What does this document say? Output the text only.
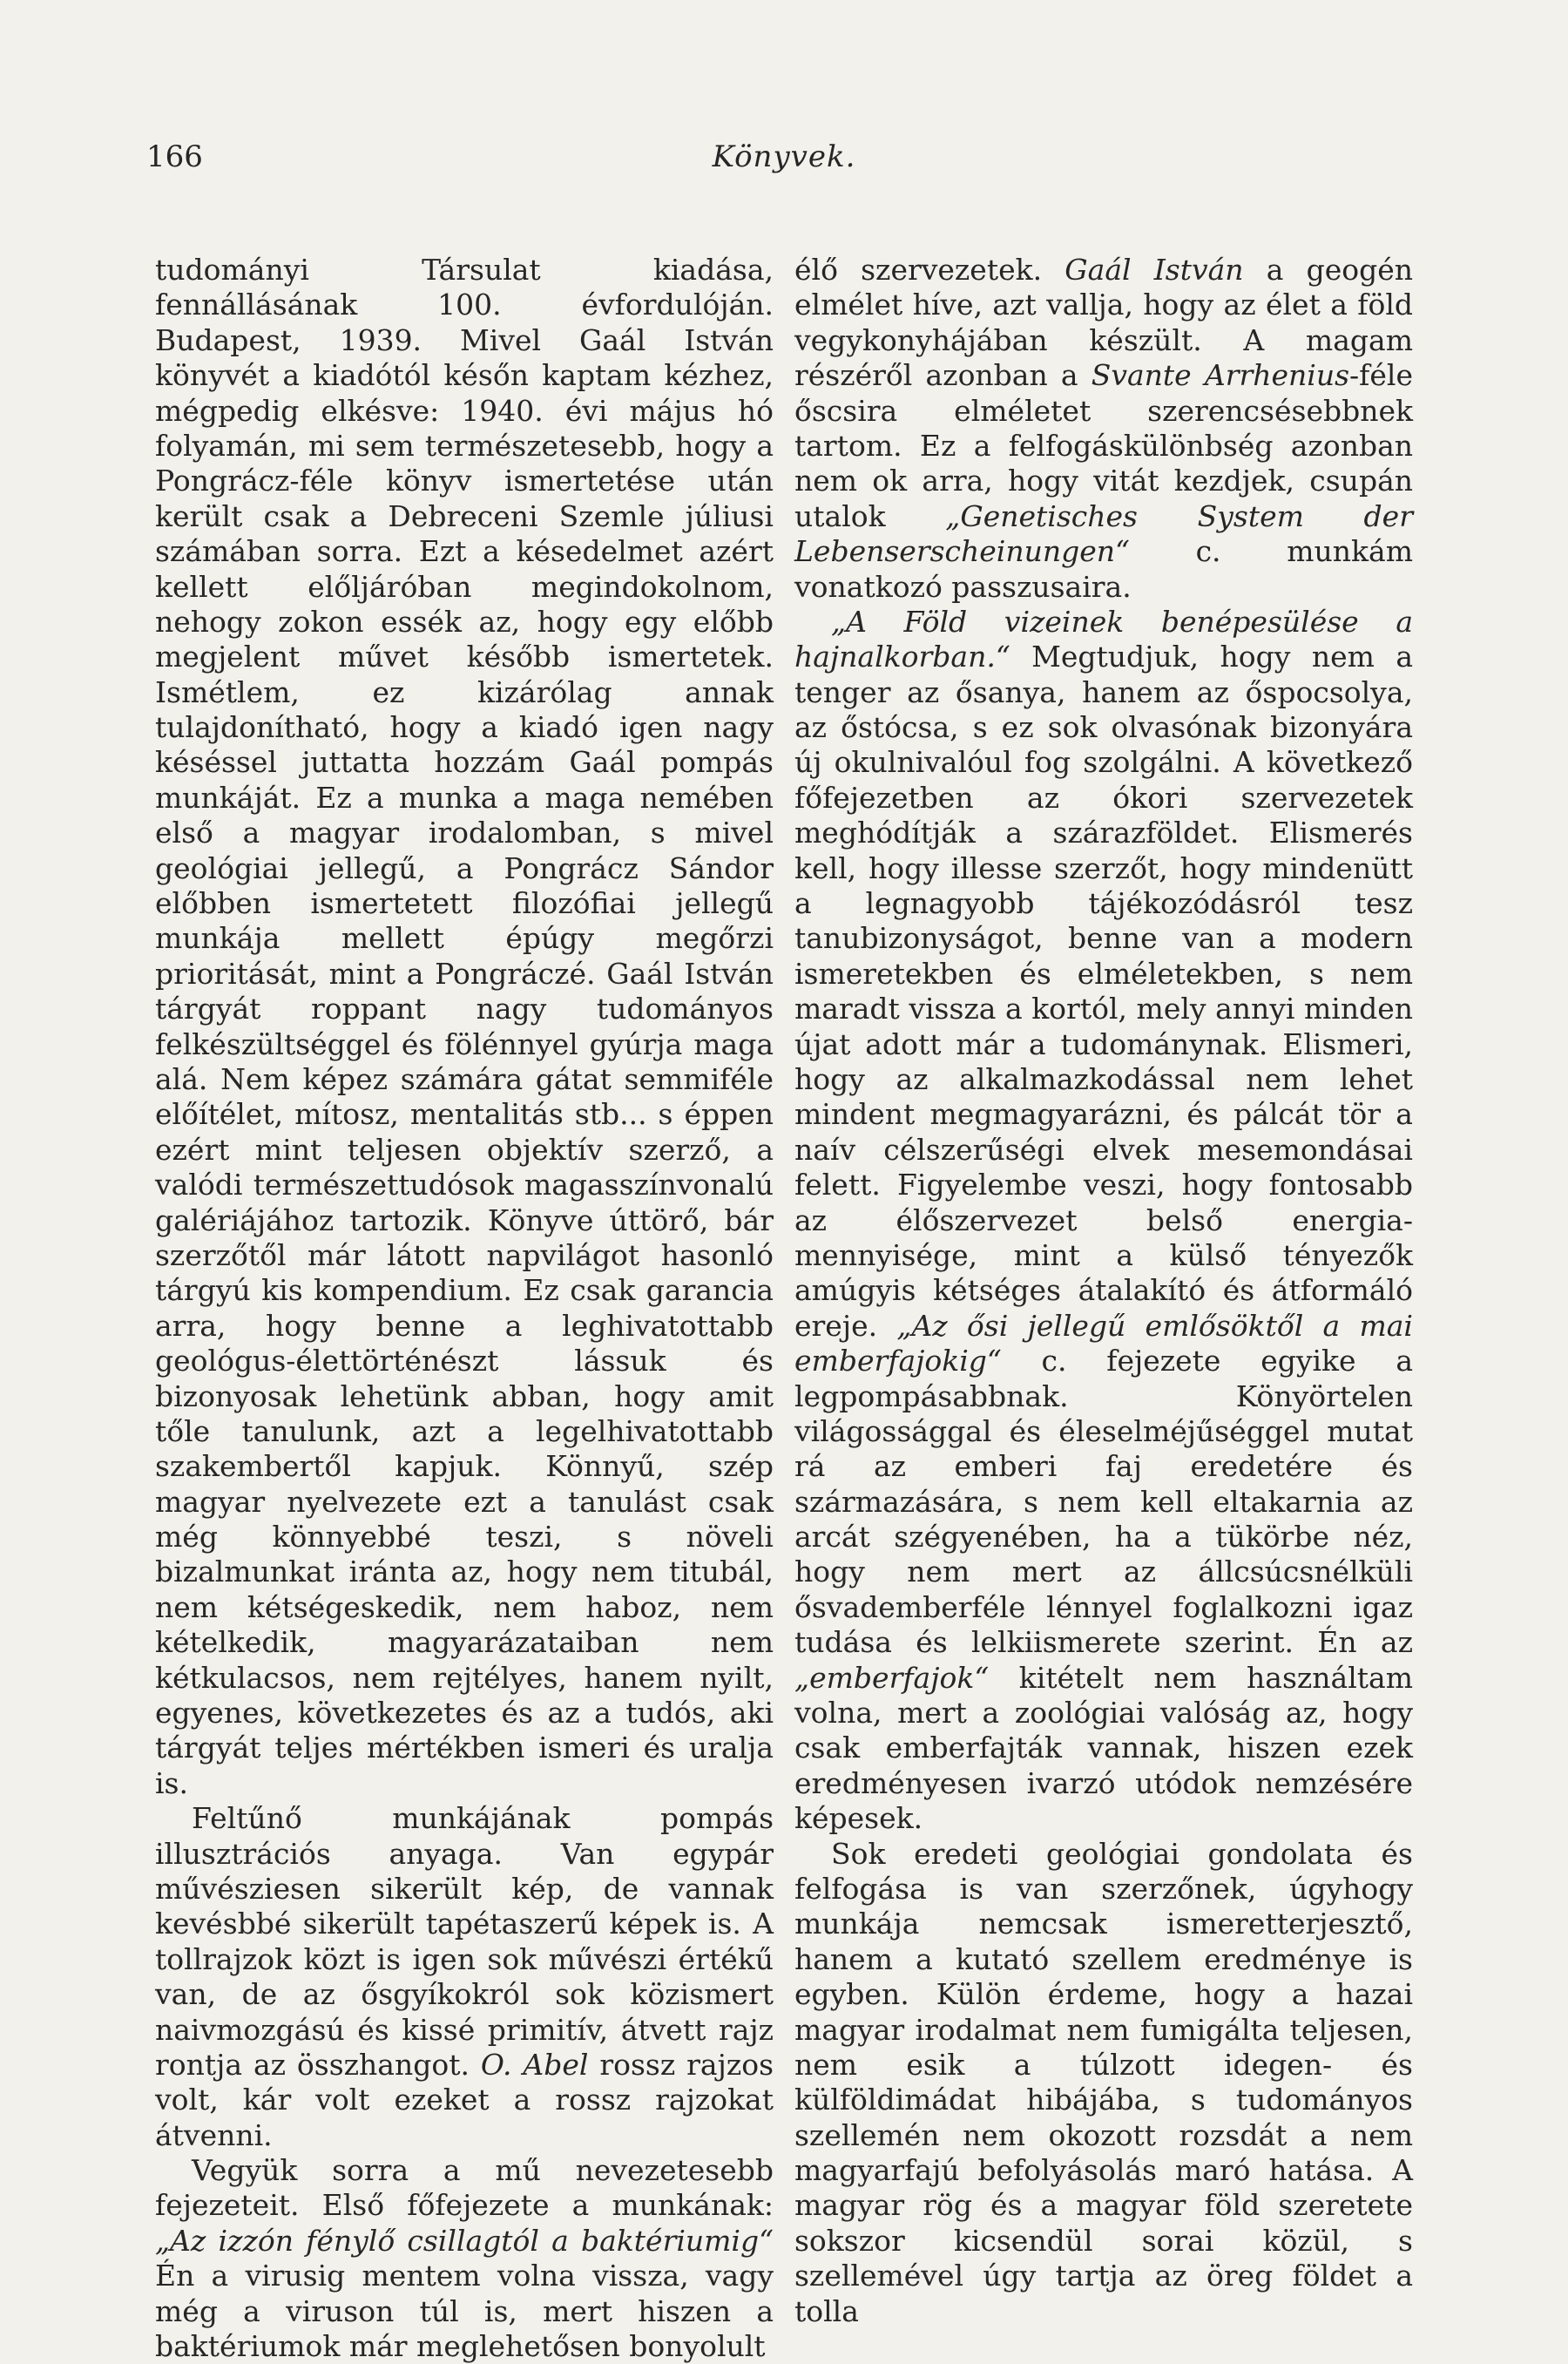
166	Könyvek.

tudományi Társulat kiadása, fennállásának 100. évfordulóján. Budapest, 1939. Mivel Gaál István könyvét a kiadótól későn kaptam kézhez, mégpedig elkésve: 1940. évi május hó folyamán, mi sem természetesebb, hogy a Pongrácz-féle könyv ismertetése után került csak a Debreceni Szemle júliusi számában sorra. Ezt a késedelmet azért kellett előljáróban megindokolnom, nehogy zokon essék az, hogy egy előbb megjelent művet később ismertetek. Ismétlem, ez kizárólag annak tulajdonítható, hogy a kiadó igen nagy késéssel juttatta hozzám Gaál pompás munkáját. Ez a munka a maga nemében első a magyar irodalomban, s mivel geológiai jellegű, a Pongrácz Sándor előbben ismertetett filozófiai jellegű munkája mellett épúgy megőrzi prioritását, mint a Pongráczé. Gaál István tárgyát roppant nagy tudományos felkészültséggel és fölénnyel gyúrja maga alá. Nem képez számára gátat semmiféle előítélet, mítosz, mentalitás stb... s éppen ezért mint teljesen objektív szerző, a valódi természettudósok magasszínvonalú galériájához tartozik. Könyve úttörő, bár szerzőtől már látott napvilágot hasonló tárgyú kis kompendium. Ez csak garancia arra, hogy benne a leghivatottabb geológus-élettörténészt lássuk és bizonyosak lehetünk abban, hogy amit tőle tanulunk, azt a legelhivatottabb szakembertől kapjuk. Könnyű, szép magyar nyelvezete ezt a tanulást csak még könnyebbé teszi, s növeli bizalmunkat iránta az, hogy nem titubál, nem kétségeskedik, nem haboz, nem kételkedik, magyarázataiban nem kétkulacsos, nem rejtélyes, hanem nyilt, egyenes, következetes és az a tudós, aki tárgyát teljes mértékben ismeri és uralja is.

Feltűnő munkájának pompás illusztrációs anyaga. Van egypár művésziesen sikerült kép, de vannak kevésbbé sikerült tapétaszerű képek is. A tollrajzok közt is igen sok művészi értékű van, de az ősgyíkokról sok közismert naivmozgású és kissé primitív, átvett rajz rontja az összhangot. O. Abel rossz rajzos volt, kár volt ezeket a rossz rajzokat átvenni.

Vegyük sorra a mű nevezetesebb fejezeteit. Első főfejezete a munkának: „Az izzón fénylő csillagtól a baktériumig“ Én a virusig mentem volna vissza, vagy még a viruson túl is, mert hiszen a baktériumok már meglehetősen bonyolult

élő szervezetek. Gaál István a geogén elmélet híve, azt vallja, hogy az élet a föld vegykonyhájában készült. A magam részéről azonban a Svante Arrhenius-féle őscsira elméletet szerencsésebbnek tartom. Ez a felfogáskülönbség azonban nem ok arra, hogy vitát kezdjek, csupán utalok „Genetisches System der Lebenserscheinungen“ c. munkám vonatkozó passzusaira.

„A Föld vizeinek benépesülése a hajnalkorban.“ Megtudjuk, hogy nem a tenger az ősanya, hanem az őspocsolya, az őstócsa, s ez sok olvasónak bizonyára új okulnivalóul fog szolgálni. A következő főfejezetben az ókori szervezetek meghódítják a szárazföldet. Elismerés kell, hogy illesse szerzőt, hogy mindenütt a legnagyobb tájékozódásról tesz tanubizonyságot, benne van a modern ismeretekben és elméletekben, s nem maradt vissza a kortól, mely annyi minden újat adott már a tudománynak. Elismeri, hogy az alkalmazkodással nem lehet mindent megmagyarázni, és pálcát tör a naív célszerűségi elvek mesemondásai felett. Figyelembe veszi, hogy fontosabb az élőszervezet belső energia-mennyisége, mint a külső tényezők amúgyis kétséges átalakító és átformáló ereje. „Az ősi jellegű emlősöktől a mai emberfajokig“ c. fejezete egyike a legpompásabbnak. Könyörtelen világossággal és éleselméjűséggel mutat rá az emberi faj eredetére és származására, s nem kell eltakarnia az arcát szégyenében, ha a tükörbe néz, hogy nem mert az állcsúcsnélküli ősvademberféle lénnyel foglalkozni igaz tudása és lelkiismerete szerint. Én az „emberfajok“ kitételt nem használtam volna, mert a zoológiai valóság az, hogy csak emberfajták vannak, hiszen ezek eredményesen ivarzó utódok nemzésére képesek.

Sok eredeti geológiai gondolata és felfogása is van szerzőnek, úgyhogy munkája nemcsak ismeretterjesztő, hanem a kutató szellem eredménye is egyben. Külön érdeme, hogy a hazai magyar irodalmat nem fumigálta teljesen, nem esik a túlzott idegen- és külföldimádat hibájába, s tudományos szellemén nem okozott rozsdát a nem magyarfajú befolyásolás maró hatása. A magyar rög és a magyar föld szeretete sokszor kicsendül sorai közül, s szellemével úgy tartja az öreg földet a tolla
